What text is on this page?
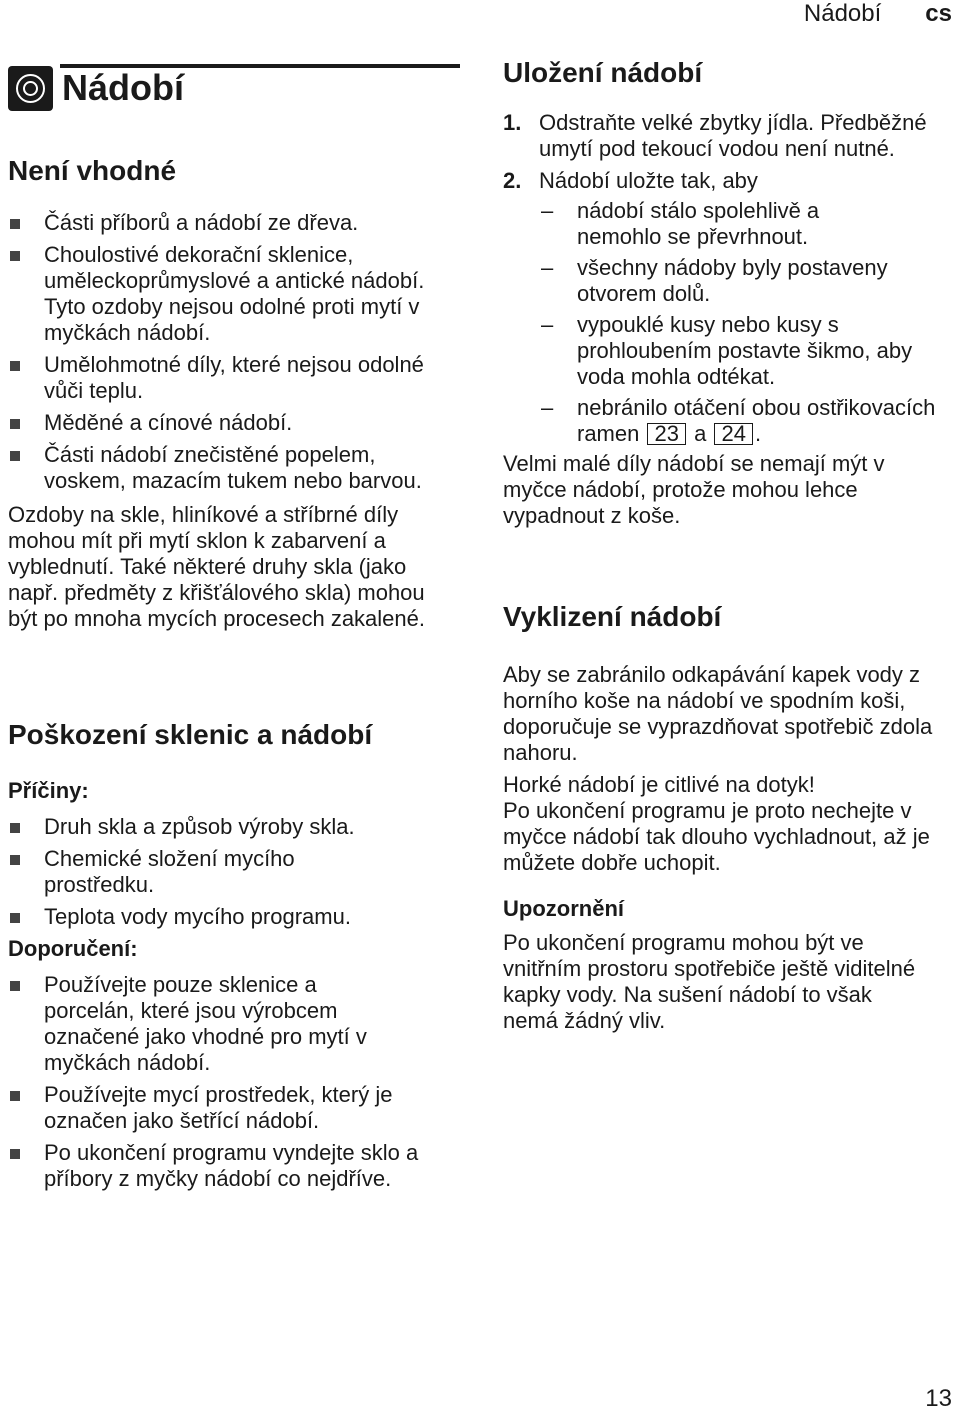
Nádobí cs
Nádobí
Není vhodné
Části příborů a nádobí ze dřeva.
Choulostivé dekorační sklenice, uměleckoprůmyslové a antické nádobí. Tyto ozdoby nejsou odolné proti mytí v myčkách nádobí.
Umělohmotné díly, které nejsou odolné vůči teplu.
Měděné a cínové nádobí.
Části nádobí znečistěné popelem, voskem, mazacím tukem nebo barvou.

Ozdoby na skle, hliníkové a stříbrné díly mohou mít při mytí sklon k zabarvení a vyblednutí. Také některé druhy skla (jako např. předměty z křišťálového skla) mohou být po mnoha mycích procesech zakalené.

Poškození sklenic a nádobí
Příčiny:
Druh skla a způsob výroby skla.
Chemické složení mycího prostředku.
Teplota vody mycího programu.
Doporučení:
Používejte pouze sklenice a porcelán, které jsou výrobcem označené jako vhodné pro mytí v myčkách nádobí.
Používejte mycí prostředek, který je označen jako šetřící nádobí.
Po ukončení programu vyndejte sklo a příbory z myčky nádobí co nejdříve.
Uložení nádobí
1. Odstraňte velké zbytky jídla. Předběžné umytí pod tekoucí vodou není nutné.
2. Nádobí uložte tak, aby
– nádobí stálo spolehlivě a nemohlo se převrhnout.
– všechny nádoby byly postaveny otvorem dolů.
– vypouklé kusy nebo kusy s prohloubením postavte šikmo, aby voda mohla odtékat.
– nebránilo otáčení obou ostřikovacích ramen 23 a 24 .

Velmi malé díly nádobí se nemají mýt v myčce nádobí, protože mohou lehce vypadnout z koše.

Vyklizení nádobí

Aby se zabránilo odkapávání kapek vody z horního koše na nádobí ve spodním koši, doporučuje se vyprazdňovat spotřebič zdola nahoru.

Horké nádobí je citlivé na dotyk!

Po ukončení programu je proto nechejte v myčce nádobí tak dlouho vychladnout, až je můžete dobře uchopit.

Upozornění

Po ukončení programu mohou být ve vnitřním prostoru spotřebiče ještě viditelné kapky vody. Na sušení nádobí to však nemá žádný vliv.

13
